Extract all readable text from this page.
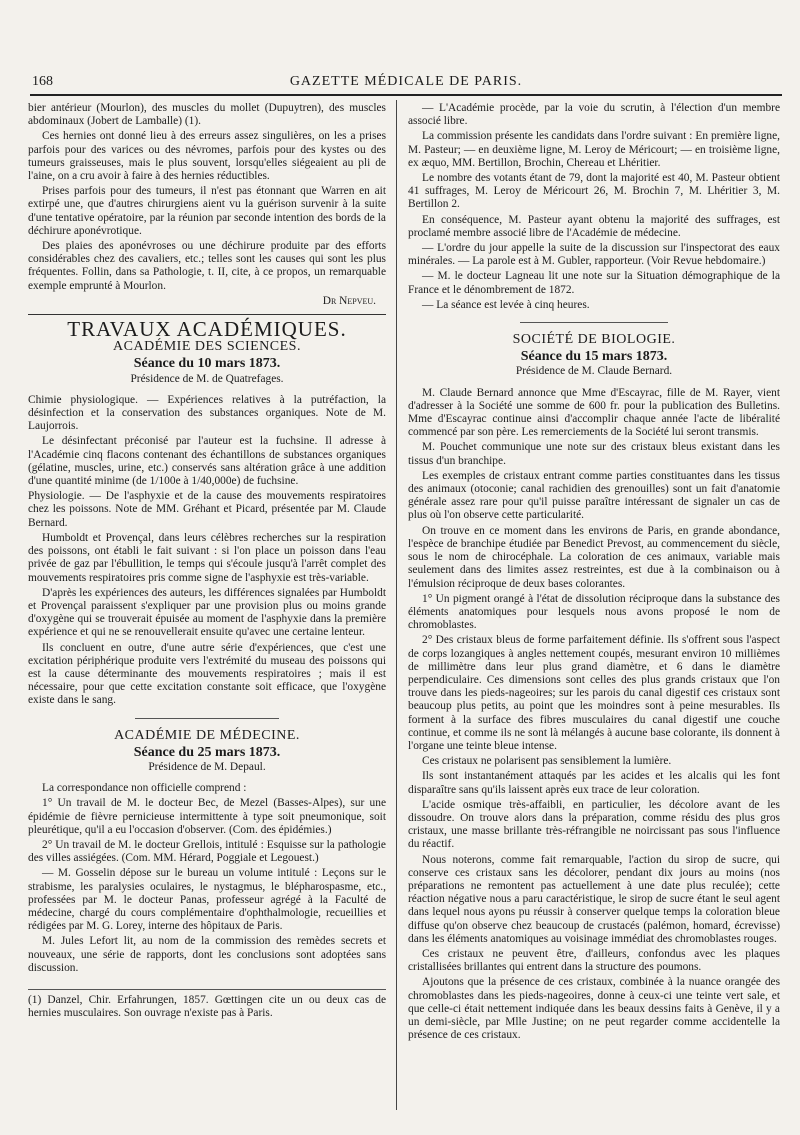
168	GAZETTE MÉDICALE DE PARIS.

bier antérieur (Mourlon), des muscles du mollet (Dupuytren), des muscles abdominaux (Jobert de Lamballe) (1).

Ces hernies ont donné lieu à des erreurs assez singulières, on les a prises parfois pour des varices ou des névromes, parfois pour des kystes ou des tumeurs graisseuses, mais le plus souvent, lorsqu'elles siégeaient au pli de l'aine, on a cru avoir à faire à des hernies réductibles.

Prises parfois pour des tumeurs, il n'est pas étonnant que Warren en ait extirpé une, que d'autres chirurgiens aient vu la guérison survenir à la suite d'une tentative opératoire, par la réunion par seconde intention des bords de la déchirure aponévrotique.

Des plaies des aponévroses ou une déchirure produite par des efforts considérables chez des cavaliers, etc.; telles sont les causes qui sont les plus fréquentes. Follin, dans sa Pathologie, t. II, cite, à ce propos, un remarquable exemple emprunté à Mourlon.

Dr Nepveu.
TRAVAUX ACADÉMIQUES.
ACADÉMIE DES SCIENCES.
Séance du 10 mars 1873.
Présidence de M. de Quatrefages.

Chimie physiologique. — Expériences relatives à la putréfaction, la désinfection et la conservation des substances organiques. Note de M. Laujorrois.

Le désinfectant préconisé par l'auteur est la fuchsine. Il adresse à l'Académie cinq flacons contenant des échantillons de substances organiques (gélatine, muscles, urine, etc.) conservés sans altération grâce à une addition d'une quantité minime (de 1/100e à 1/40,000e) de fuchsine.

Physiologie. — De l'asphyxie et de la cause des mouvements respiratoires chez les poissons. Note de MM. Gréhant et Picard, présentée par M. Claude Bernard.

Humboldt et Provençal, dans leurs célèbres recherches sur la respiration des poissons, ont établi le fait suivant : si l'on place un poisson dans l'eau privée de gaz par l'ébullition, le temps qui s'écoule jusqu'à l'arrêt complet des mouvements respiratoires pris comme signe de l'asphyxie est très-variable.

D'après les expériences des auteurs, les différences signalées par Humboldt et Provençal paraissent s'expliquer par une provision plus ou moins grande d'oxygène qui se trouverait épuisée au moment de l'asphyxie dans la première expérience et qui ne se renouvellerait ensuite qu'avec une certaine lenteur.

Ils concluent en outre, d'une autre série d'expériences, que c'est une excitation périphérique produite vers l'extrémité du museau des poissons qui est la cause déterminante des mouvements respiratoires ; mais il est nécessaire, pour que cette excitation constante soit efficace, que l'oxygène existe dans le sang.

ACADÉMIE DE MÉDECINE.
Séance du 25 mars 1873.
Présidence de M. Depaul.

La correspondance non officielle comprend :

1° Un travail de M. le docteur Bec, de Mezel (Basses-Alpes), sur une épidémie de fièvre pernicieuse intermittente à type soit pneumonique, soit pleurétique, qu'il a eu l'occasion d'observer. (Com. des épidémies.)

2° Un travail de M. le docteur Grellois, intitulé : Esquisse sur la pathologie des villes assiégées. (Com. MM. Hérard, Poggiale et Legouest.)

— M. Gosselin dépose sur le bureau un volume intitulé : Leçons sur le strabisme, les paralysies oculaires, le nystagmus, le blépharospasme, etc., professées par M. le docteur Panas, professeur agrégé à la Faculté de médecine, chargé du cours complémentaire d'ophthalmologie, recueillies et rédigées par M. G. Lorey, interne des hôpitaux de Paris.

M. Jules Lefort lit, au nom de la commission des remèdes secrets et nouveaux, une série de rapports, dont les conclusions sont adoptées sans discussion.

(1) Danzel, Chir. Erfahrungen, 1857. Gœttingen cite un ou deux cas de hernies musculaires. Son ouvrage n'existe pas à Paris.

— L'Académie procède, par la voie du scrutin, à l'élection d'un membre associé libre.

La commission présente les candidats dans l'ordre suivant : En première ligne, M. Pasteur; — en deuxième ligne, M. Leroy de Méricourt; — en troisième ligne, ex æquo, MM. Bertillon, Brochin, Chereau et Lhéritier.

Le nombre des votants étant de 79, dont la majorité est 40, M. Pasteur obtient 41 suffrages, M. Leroy de Méricourt 26, M. Brochin 7, M. Lhéritier 3, M. Bertillon 2.

En conséquence, M. Pasteur ayant obtenu la majorité des suffrages, est proclamé membre associé libre de l'Académie de médecine.

— L'ordre du jour appelle la suite de la discussion sur l'inspectorat des eaux minérales. — La parole est à M. Gubler, rapporteur. (Voir Revue hebdomaire.)

— M. le docteur Lagneau lit une note sur la Situation démographique de la France et le dénombrement de 1872.

— La séance est levée à cinq heures.

SOCIÉTÉ DE BIOLOGIE.
Séance du 15 mars 1873.
Présidence de M. Claude Bernard.

M. Claude Bernard annonce que Mme d'Escayrac, fille de M. Rayer, vient d'adresser à la Société une somme de 600 fr. pour la publication des Bulletins. Mme d'Escayrac continue ainsi d'accomplir chaque année l'acte de libéralité commencé par son père. Les remerciements de la Société lui seront transmis.

M. Pouchet communique une note sur des cristaux bleus existant dans les tissus d'un branchipe.

Les exemples de cristaux entrant comme parties constituantes dans les tissus des animaux (otoconie; canal rachidien des grenouilles) sont un fait d'anatomie générale assez rare pour qu'il puisse paraître intéressant de signaler un cas de plus où l'on observe cette particularité.

On trouve en ce moment dans les environs de Paris, en grande abondance, l'espèce de branchipe étudiée par Benedict Prevost, au commencement du siècle, sous le nom de chirocéphale. La coloration de ces animaux, variable mais seulement dans des limites assez restreintes, est due à la combinaison ou à l'émulsion réciproque de deux bases colorantes.

1° Un pigment orangé à l'état de dissolution réciproque dans la substance des éléments anatomiques pour lesquels nous avons proposé le nom de chromoblastes.

2° Des cristaux bleus de forme parfaitement définie. Ils s'offrent sous l'aspect de corps lozangiques à angles nettement coupés, mesurant environ 10 millièmes de millimètre dans leur plus grand diamètre, et 6 dans le diamètre perpendiculaire. Ces dimensions sont celles des plus grands cristaux que l'on trouve dans les pieds-nageoires; sur les parois du canal digestif ces cristaux sont beaucoup plus petits, au point que les moindres sont à peine mesurables. Ils forment à la surface des fibres musculaires du canal digestif une couche continue, et comme ils ne sont là mélangés à aucune base colorante, ils donnent à l'organe une teinte bleue intense.

Ces cristaux ne polarisent pas sensiblement la lumière.

Ils sont instantanément attaqués par les acides et les alcalis qui les font disparaître sans qu'ils laissent après eux trace de leur coloration.

L'acide osmique très-affaibli, en particulier, les décolore avant de les dissoudre. On trouve alors dans la préparation, comme résidu des plus gros cristaux, une masse brillante très-réfrangible ne noircissant pas sous l'influence du réactif.

Nous noterons, comme fait remarquable, l'action du sirop de sucre, qui conserve ces cristaux sans les décolorer, pendant dix jours au moins (nos préparations ne remontent pas actuellement à une date plus reculée); cette réaction négative nous a paru caractéristique, le sirop de sucre étant le seul agent dans lequel nous ayons pu réussir à conserver quelque temps la coloration bleue diffuse qu'on observe chez beaucoup de crustacés (palémon, homard, écrevisse) dans les éléments anatomiques au voisinage immédiat des chromoblastes rouges.

Ces cristaux ne peuvent être, d'ailleurs, confondus avec les plaques cristallisées brillantes qui entrent dans la structure des poumons.

Ajoutons que la présence de ces cristaux, combinée à la nuance orangée des chromoblastes dans les pieds-nageoires, donne à ceux-ci une teinte vert sale, et que celle-ci était nettement indiquée dans les beaux dessins faits à Genève, il y a un demi-siècle, par Mlle Justine; on ne peut regarder comme accidentelle la présence de ces cristaux.
